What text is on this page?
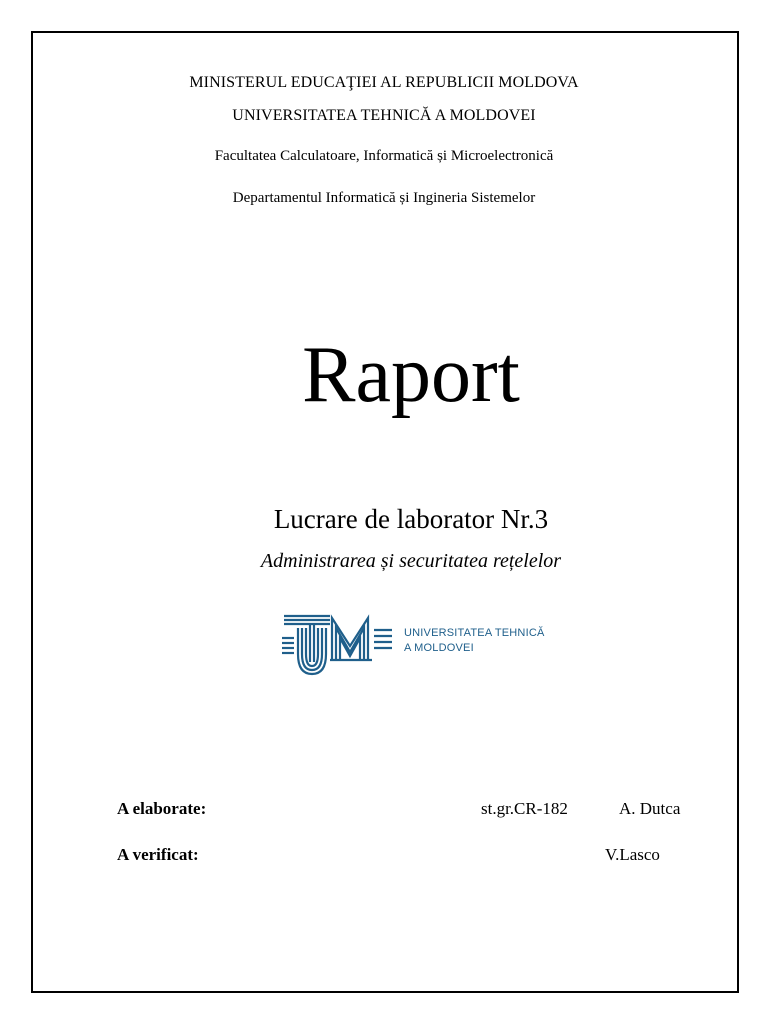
MINISTERUL EDUCAŢIEI AL REPUBLICII MOLDOVA
UNIVERSITATEA TEHNICĂ A MOLDOVEI
Facultatea Calculatoare, Informatică și Microelectronică
Departamentul Informatică și Ingineria Sistemelor
Raport
Lucrare de laborator Nr.3
Administrarea și securitatea rețelelor
UNIVERSITATEA TEHNICĂ
A MOLDOVEI
A elaborate:	st.gr.CR-182	A. Dutca
A verificat:	V.Lasco
